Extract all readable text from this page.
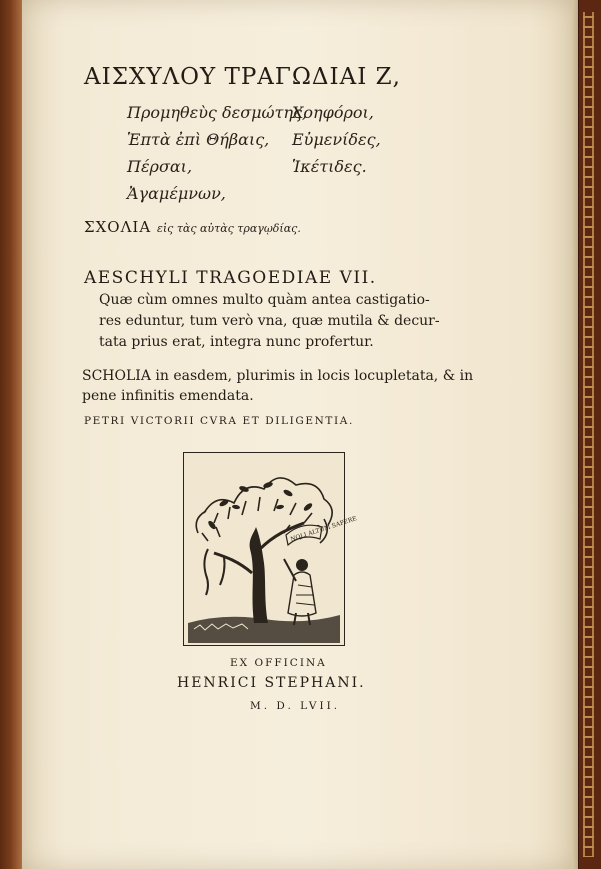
ΑΙΣΧΥΛΟΥ ΤΡΑΓΩΔΙΑΙ Ζ,
Προμηθεὺς δεσμώτης,
Χοηφόροι,
Ἑπτὰ ἐπὶ Θήβαις, Εὐμενίδες,
Πέρσαι,	Ἱκέτιδες.
Ἀγαμέμνων,
ΣΧΟΛΙΑ εἰς τὰς αὐτὰς τραγῳδίας.
AESCHYLI TRAGOEDIAE VII.
Quæ cùm omnes multo quàm antea castigatio-
res eduntur, tum verò vna, quæ mutila & decur-
tata prius erat, integra nunc profertur.
SCHOLIA in easdem, plurimis in locis locupletata, & in
pene infinitis emendata.
PETRI VICTORII CVRA ET DILIGENTIA.
NOLI ALTUM SAPERE
EX OFFICINA
HENRICI STEPHANI.
M. D. LVII.
